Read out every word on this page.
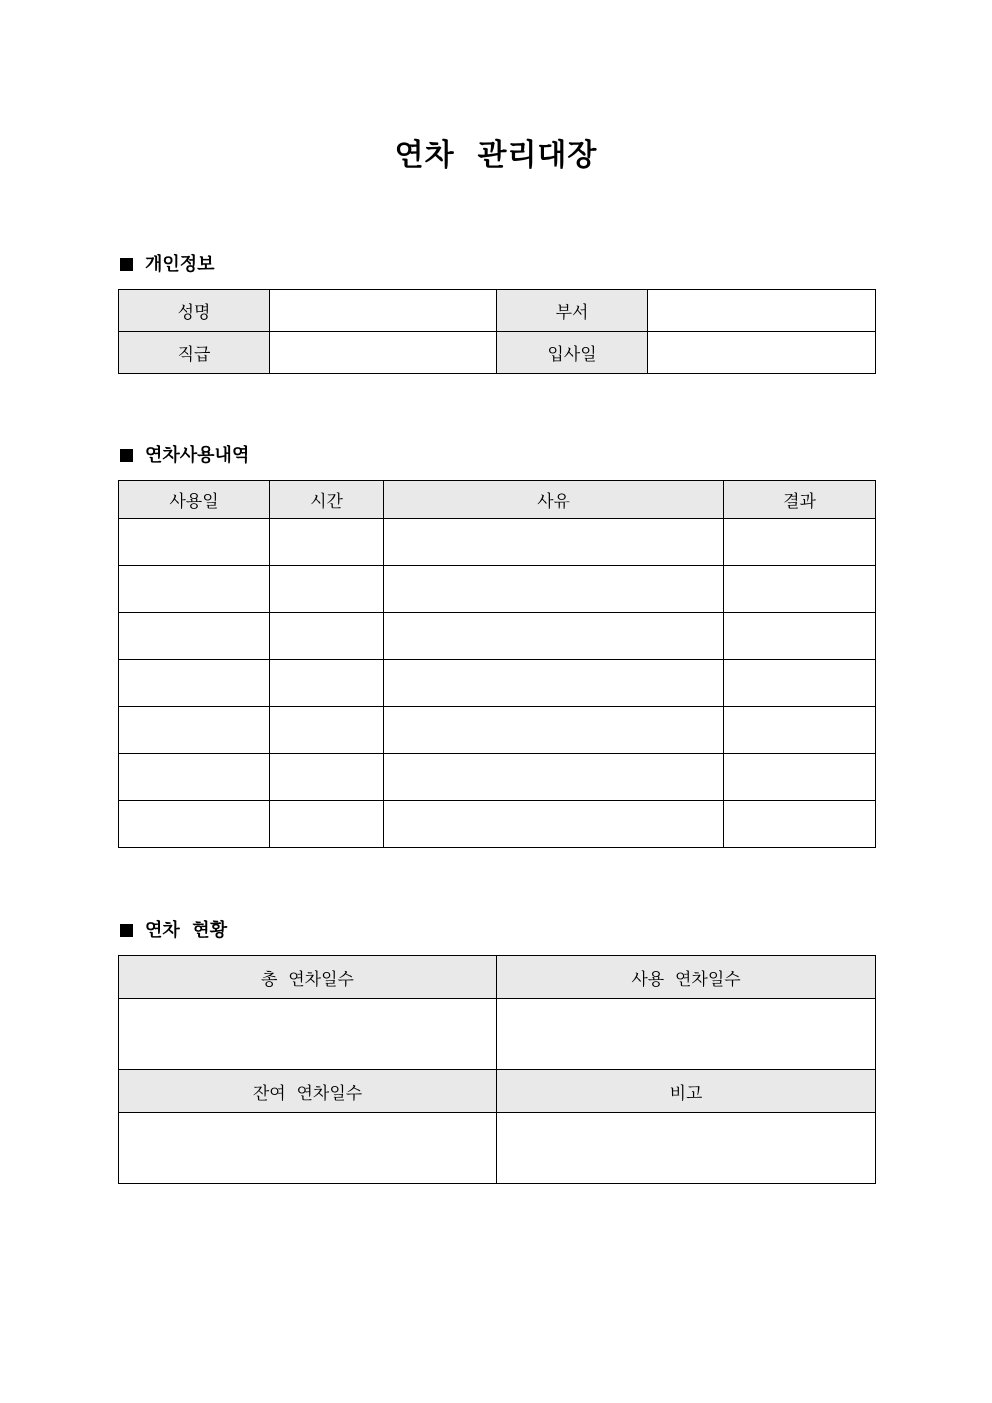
연차  관리대장
개인정보
성명		부서	
직급		입사일	
연차사용내역
사용일	시간	사유	결과

연차  현황
총  연차일수	사용  연차일수

잔여  연차일수	비고
